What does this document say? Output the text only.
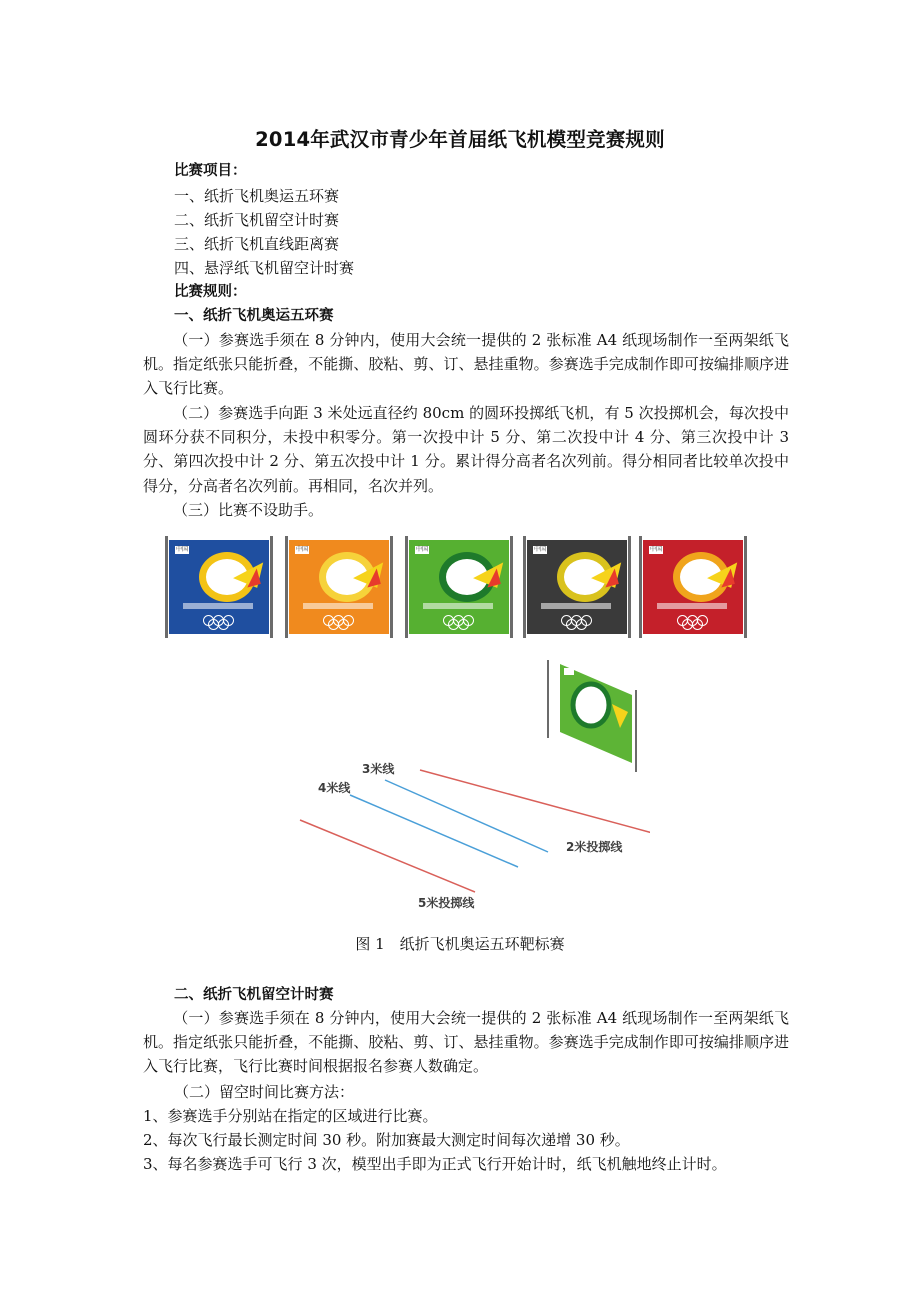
2014年武汉市青少年首届纸飞机模型竞赛规则
比赛项目：
一、纸折飞机奥运五环赛
二、纸折飞机留空计时赛
三、纸折飞机直线距离赛
四、悬浮纸飞机留空计时赛
比赛规则：
一、纸折飞机奥运五环赛
（一）参赛选手须在 8 分钟内，使用大会统一提供的 2 张标准 A4 纸现场制作一至两架纸飞机。指定纸张只能折叠，不能撕、胶粘、剪、订、悬挂重物。参赛选手完成制作即可按编排顺序进入飞行比赛。
（二）参赛选手向距 3 米处远直径约 80cm 的圆环投掷纸飞机，有 5 次投掷机会，每次投中圆环分获不同积分，未投中积零分。第一次投中计 5 分、第二次投中计 4 分、第三次投中计 3 分、第四次投中计 2 分、第五次投中计 1 分。累计得分高者名次列前。得分相同者比较单次投中得分，分高者名次列前。再相同，名次并列。
（三）比赛不设助手。
中国	中国	中国	中国	中国
3米线
4米线
2米投掷线
5米投掷线
图 1　纸折飞机奥运五环靶标赛
二、纸折飞机留空计时赛
（一）参赛选手须在 8 分钟内，使用大会统一提供的 2 张标准 A4 纸现场制作一至两架纸飞机。指定纸张只能折叠，不能撕、胶粘、剪、订、悬挂重物。参赛选手完成制作即可按编排顺序进入飞行比赛，飞行比赛时间根据报名参赛人数确定。
（二）留空时间比赛方法：
1、参赛选手分别站在指定的区域进行比赛。
2、每次飞行最长测定时间 30 秒。附加赛最大测定时间每次递增 30 秒。
3、每名参赛选手可飞行 3 次，模型出手即为正式飞行开始计时，纸飞机触地终止计时。
